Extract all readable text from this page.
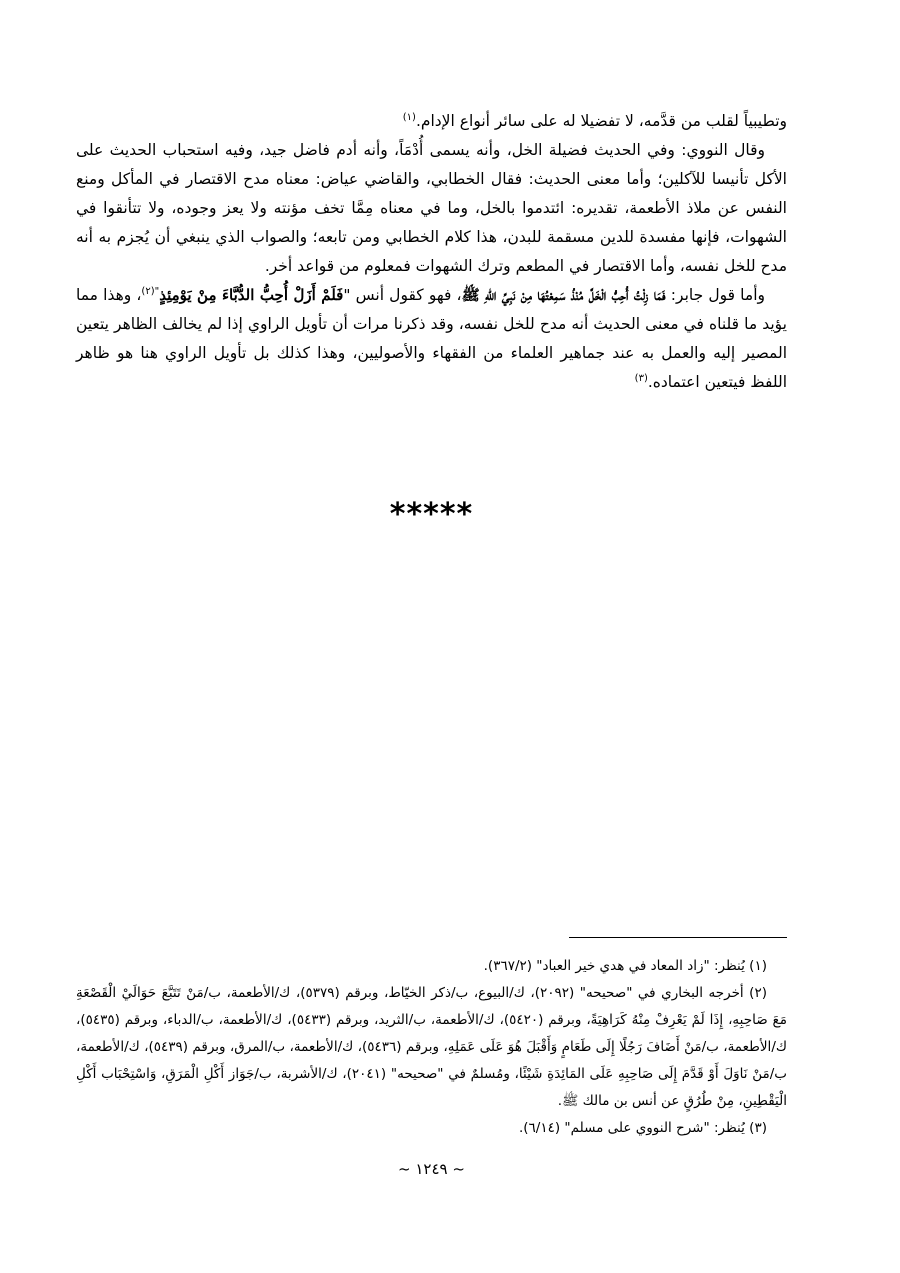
وتطيبياً لقلب من قدَّمه، لا تفضيلا له على سائر أنواع الإدام.$^{(١)}$

وقال النووي: وفي الحديث فضيلة الخل، وأنه يسمى أُدْمَاً، وأنه أدم فاضل جيد، وفيه استحباب الحديث على الأكل تأنيسا للآكلين؛ وأما معنى الحديث: فقال الخطابي، والقاضي عياض: معناه مدح الاقتصار في المأكل ومنع النفس عن ملاذ الأطعمة، تقديره: ائتدموا بالخل، وما في معناه مِمَّا تخف مؤنته ولا يعز وجوده، ولا تتأنقوا في الشهوات، فإنها مفسدة للدين مسقمة للبدن، هذا كلام الخطابي ومن تابعه؛ والصواب الذي ينبغي أن يُجزم به أنه مدح للخل نفسه، وأما الاقتصار في المطعم وترك الشهوات فمعلوم من قواعد أخر.

وأما قول جابر: فَمَا زِلْتُ أُحِبُّ الْخَلَّ مُنْذُ سَمِعْتُهَا مِنْ نَبِيِّ اللهِ ﷺ، فهو كقول أنس "فَلَمْ أَزَلْ أُحِبُّ الدُّبَّاءَ مِنْ يَوْمِئِذٍ$^{"(٢)}$، وهذا مما يؤيد ما قلناه في معنى الحديث أنه مدح للخل نفسه، وقد ذكرنا مرات أن تأويل الراوي إذا لم يخالف الظاهر يتعين المصير إليه والعمل به عند جماهير العلماء من الفقهاء والأصوليين، وهذا كذلك بل تأويل الراوي هنا هو ظاهر اللفظ فيتعين اعتماده.$^{(٣)}$

*****

(١) يُنظر: "زاد المعاد في هدي خير العباد" (٣٦٧/٢).

(٢) أخرجه البخاري في "صحيحه" (٢٠٩٢)، ك/البيوع، ب/ذكر الخيّاط، وبرقم (٥٣٧٩)، ك/الأطعمة، ب/مَنْ تَتَبَّعَ حَوَالَيْ الْقَصْعَةِ مَعَ صَاحِبِهِ، إِذَا لَمْ يَعْرِفْ مِنْهُ كَرَاهِيَةً، وبرقم (٥٤٢٠)، ك/الأطعمة، ب/الثريد، وبرقم (٥٤٣٣)، ك/الأطعمة، ب/الدباء، وبرقم (٥٤٣٥)، ك/الأطعمة، ب/مَنْ أَضَافَ رَجُلًا إِلَى طَعَامٍ وَأَقْبَلَ هُوَ عَلَى عَمَلِهِ، وبرقم (٥٤٣٦)، ك/الأطعمة، ب/المرق، وبرقم (٥٤٣٩)، ك/الأطعمة، ب/مَنْ نَاوَلَ أَوْ قَدَّمَ إِلَى صَاحِبِهِ عَلَى المَائِدَةِ شَيْئًا، ومُسلمٌ في "صحيحه" (٢٠٤١)، ك/الأشربة، ب/جَوَاز أَكْلِ الْمَرَقِ، وَاسْتِحْبَاب أَكْلِ الْيَقْطِينِ، مِنْ طُرُقٍ عن أنس بن مالك ﷺ.

(٣) يُنظر: "شرح النووي على مسلم" (٦/١٤).

~ ١٢٤٩ ~
